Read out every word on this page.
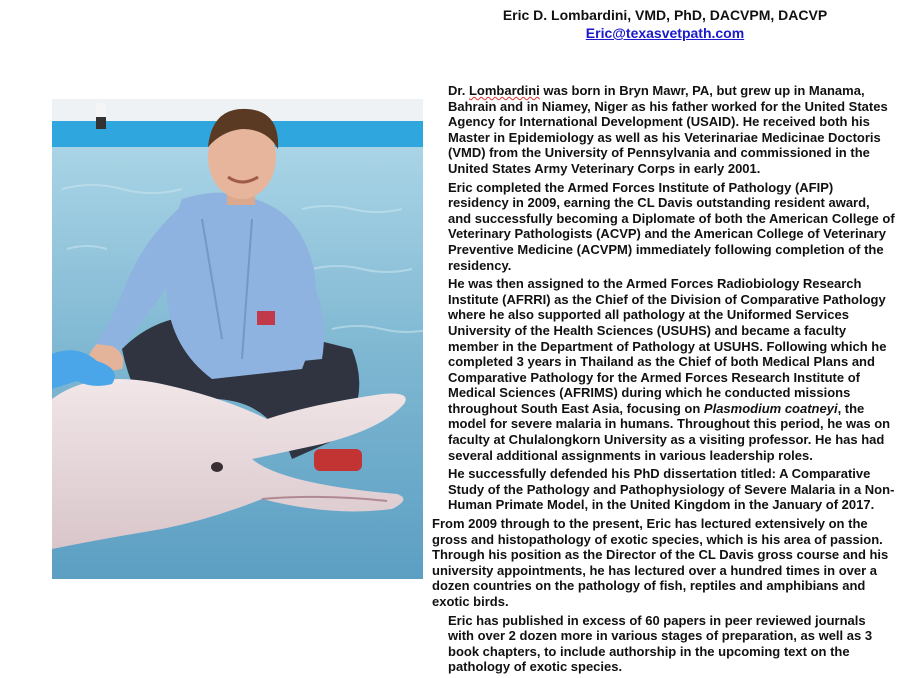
Eric D. Lombardini, VMD, PhD, DACVPM, DACVP
Eric@texasvetpath.com

Dr. Lombardini was born in Bryn Mawr, PA, but grew up in Manama, Bahrain and in Niamey, Niger as his father worked for the United States Agency for International Development (USAID). He received both his Master in Epidemiology as well as his Veterinariae Medicinae Doctoris (VMD) from the University of Pennsylvania and commissioned in the United States Army Veterinary Corps in early 2001.

Eric completed the Armed Forces Institute of Pathology (AFIP) residency in 2009, earning the CL Davis outstanding resident award, and successfully becoming a Diplomate of both the American College of Veterinary Pathologists (ACVP) and the American College of Veterinary Preventive Medicine (ACVPM) immediately following completion of the residency.

He was then assigned to the Armed Forces Radiobiology Research Institute (AFRRI) as the Chief of the Division of Comparative Pathology where he also supported all pathology at the Uniformed Services University of the Health Sciences (USUHS) and became a faculty member in the Department of Pathology at USUHS. Following which he completed 3 years in Thailand as the Chief of both Medical Plans and Comparative Pathology for the Armed Forces Research Institute of Medical Sciences (AFRIMS) during which he conducted missions throughout South East Asia, focusing on Plasmodium coatneyi, the model for severe malaria in humans. Throughout this period, he was on faculty at Chulalongkorn University as a visiting professor. He has had several additional assignments in various leadership roles.

He successfully defended his PhD dissertation titled: A Comparative Study of the Pathology and Pathophysiology of Severe Malaria in a Non-Human Primate Model, in the United Kingdom in the January of 2017.

From 2009 through to the present, Eric has lectured extensively on the gross and histopathology of exotic species, which is his area of passion. Through his position as the Director of the CL Davis gross course and his university appointments, he has lectured over a hundred times in over a dozen countries on the pathology of fish, reptiles and amphibians and exotic birds.

Eric has published in excess of 60 papers in peer reviewed journals with over 2 dozen more in various stages of preparation, as well as 3 book chapters, to include authorship in the upcoming text on the pathology of exotic species.
